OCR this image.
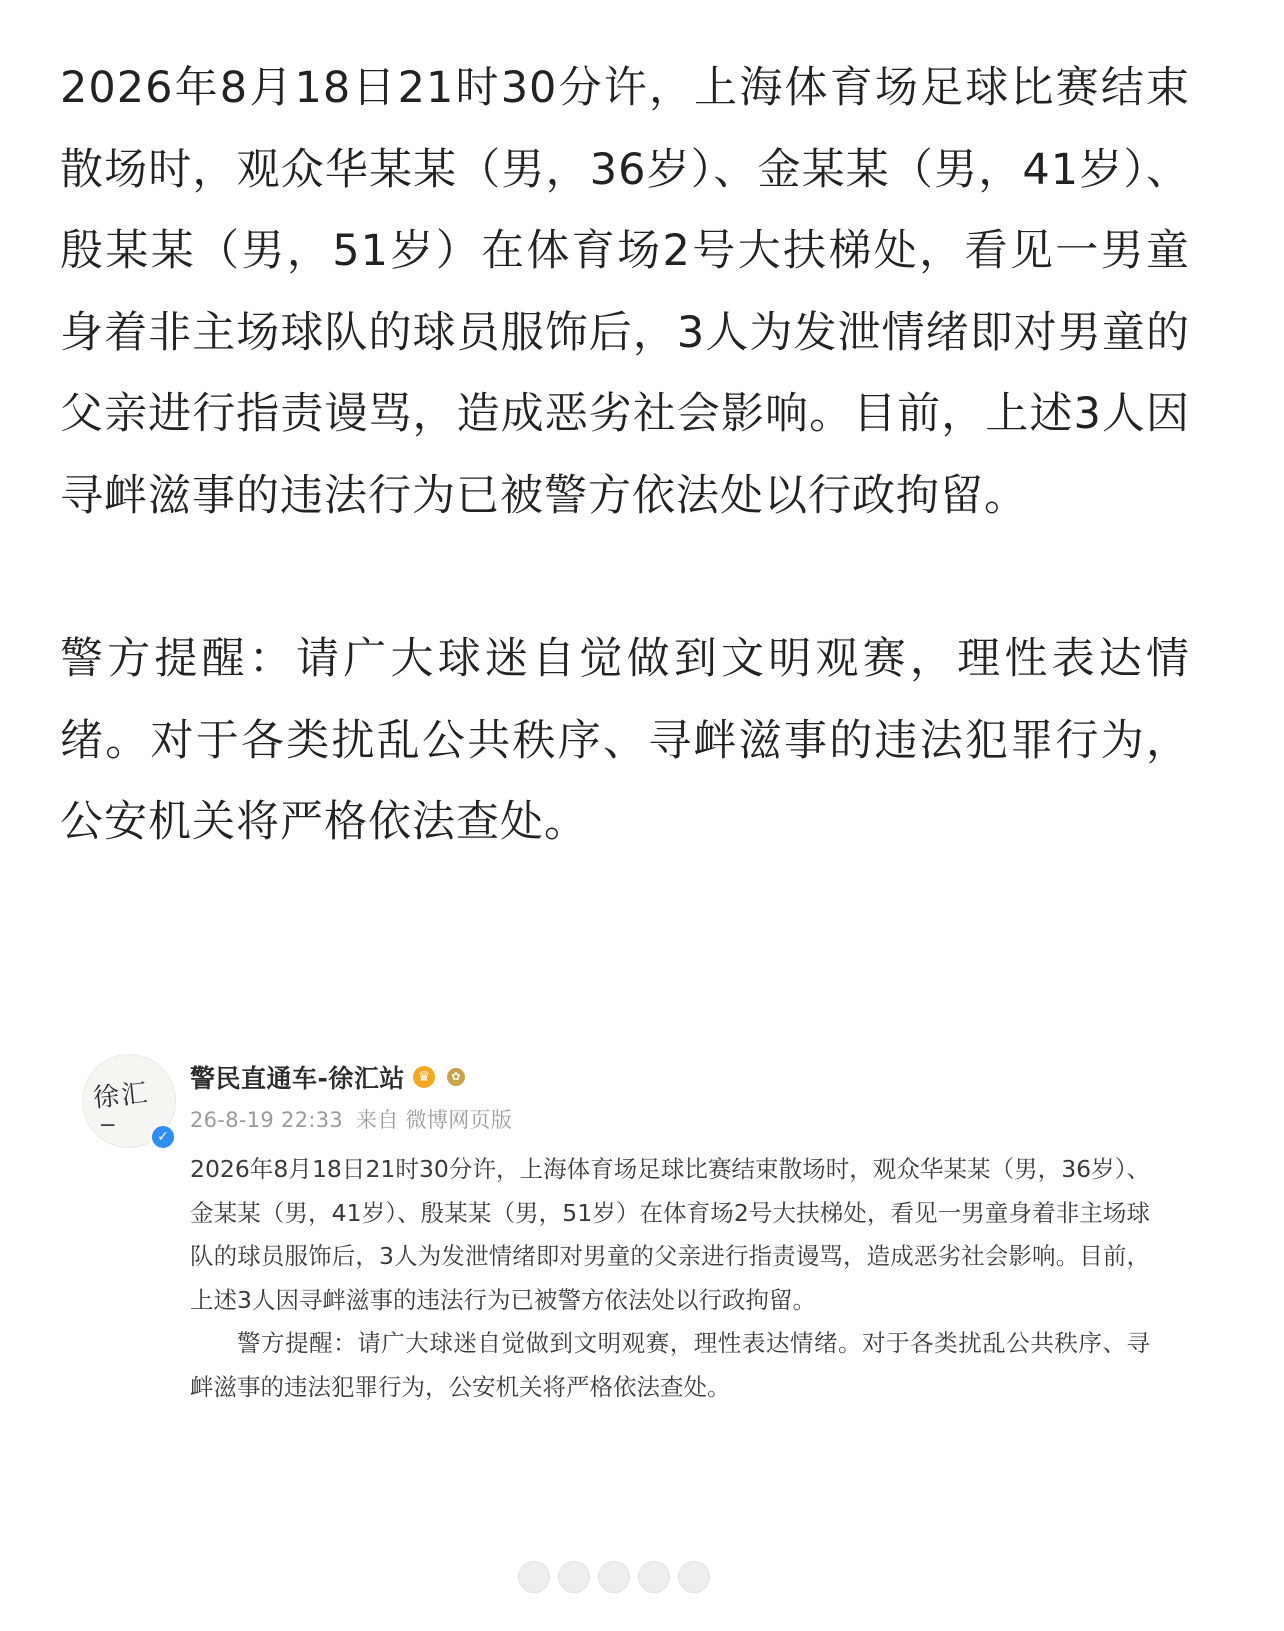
2026年8月18日21时30分许，上海体育场足球比赛结束散场时，观众华某某（男，36岁）、金某某（男，41岁）、殷某某（男，51岁）在体育场2号大扶梯处，看见一男童身着非主场球队的球员服饰后，3人为发泄情绪即对男童的父亲进行指责谩骂，造成恶劣社会影响。目前，上述3人因寻衅滋事的违法行为已被警方依法处以行政拘留。

警方提醒：请广大球迷自觉做到文明观赛，理性表达情绪。对于各类扰乱公共秩序、寻衅滋事的违法犯罪行为，公安机关将严格依法查处。

徐汇
━━
✓
警民直通车-徐汇站 ♛	✿
26-8-19 22:33 来自 微博网页版

2026年8月18日21时30分许，上海体育场足球比赛结束散场时，观众华某某（男，36岁）、金某某（男，41岁）、殷某某（男，51岁）在体育场2号大扶梯处，看见一男童身着非主场球队的球员服饰后，3人为发泄情绪即对男童的父亲进行指责谩骂，造成恶劣社会影响。目前，上述3人因寻衅滋事的违法行为已被警方依法处以行政拘留。

警方提醒：请广大球迷自觉做到文明观赛，理性表达情绪。对于各类扰乱公共秩序、寻衅滋事的违法犯罪行为，公安机关将严格依法查处。
